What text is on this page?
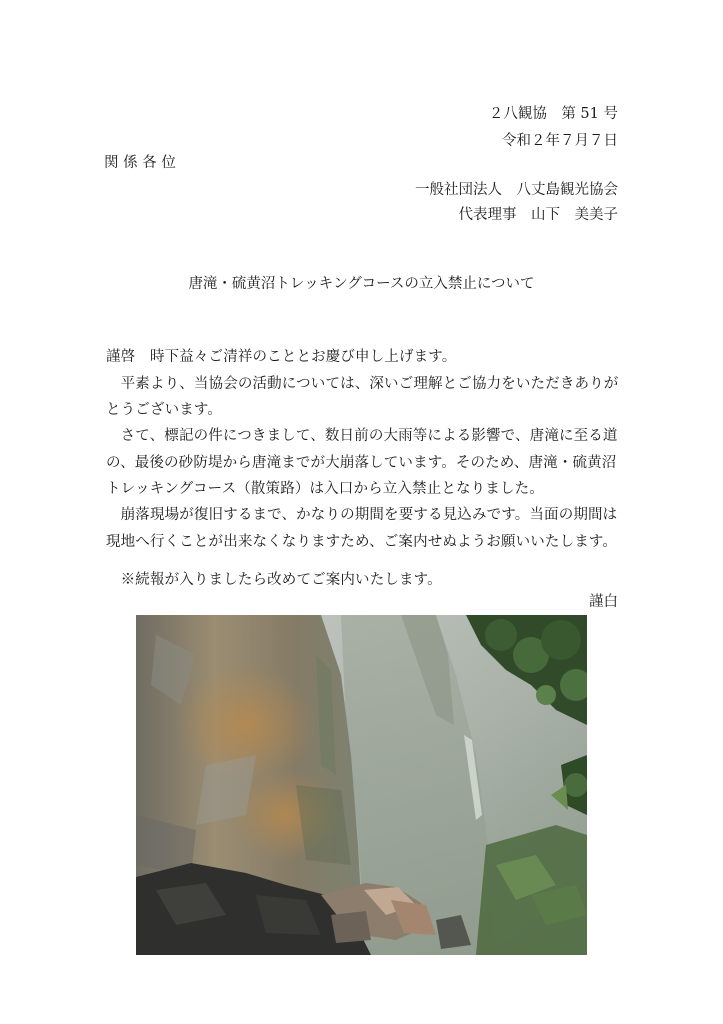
２八観協　第 51 号
令和２年７月７日
関 係 各 位
一般社団法人　八丈島観光協会
代表理事　山下　美美子
唐滝・硫黄沼トレッキングコースの立入禁止について
謹啓　時下益々ご清祥のこととお慶び申し上げます。
　平素より、当協会の活動については、深いご理解とご協力をいただきありが
とうございます。
　さて、標記の件につきまして、数日前の大雨等による影響で、唐滝に至る道
の、最後の砂防堤から唐滝までが大崩落しています。そのため、唐滝・硫黄沼
トレッキングコース（散策路）は入口から立入禁止となりました。
　崩落現場が復旧するまで、かなりの期間を要する見込みです。当面の期間は
現地へ行くことが出来なくなりますため、ご案内せぬようお願いいたします。
　※続報が入りましたら改めてご案内いたします。
謹白
